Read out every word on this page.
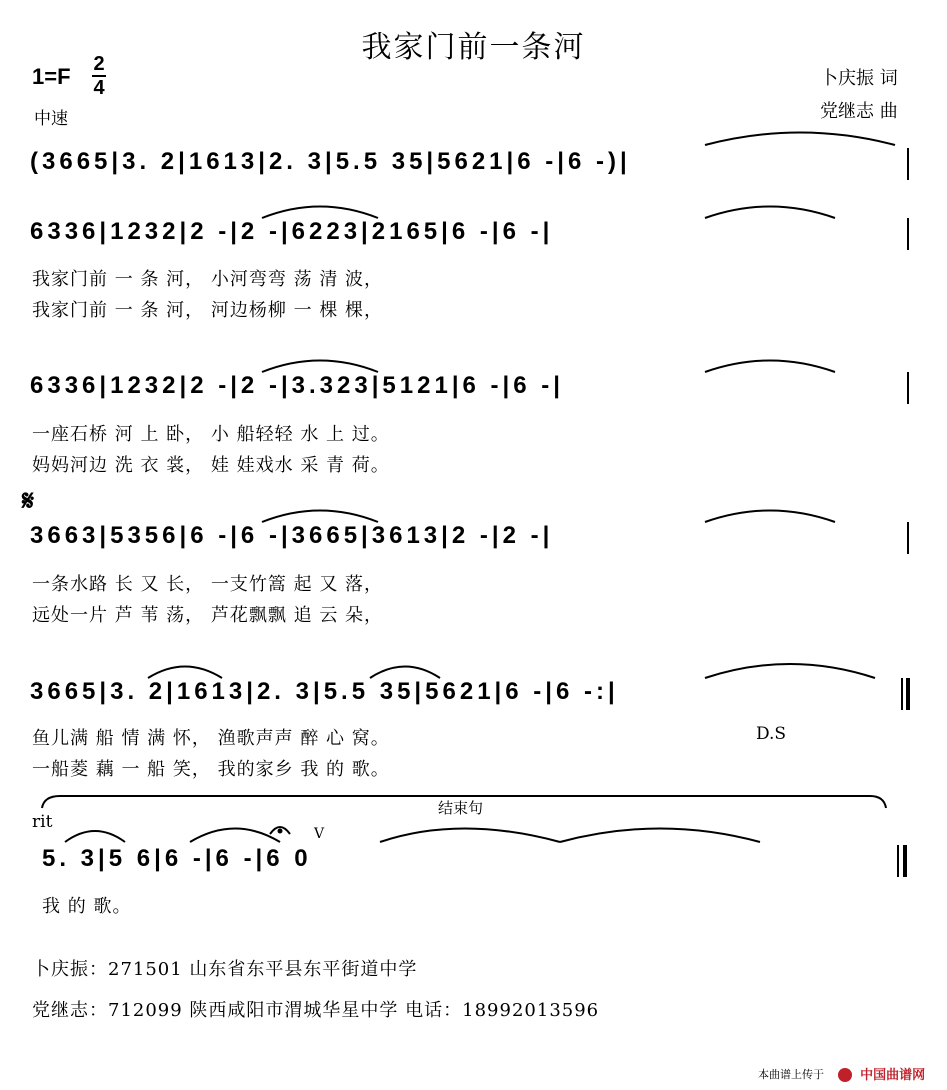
我家门前一条河
1=F 2
4
中速
卜庆振 词
党继志 曲
(3665|3. 2|1613|2. 3|5.5 35|5621|6 -|6 -)|
6336|1232|2 -|2 -|6223|2165|6 -|6 -|
我家门前 一 条 河， 小河弯弯 荡 清 波，
我家门前 一 条 河， 河边杨柳 一 棵 棵，
6336|1232|2 -|2 -|3.323|5121|6 -|6 -|
一座石桥 河 上 卧， 小 船轻轻 水 上 过。
妈妈河边 洗 衣 裳， 娃 娃戏水 采 青 荷。
𝄋
3663|5356|6 -|6 -|3665|3613|2 -|2 -|
一条水路 长 又 长， 一支竹篙 起 又 落，
远处一片 芦 苇 荡， 芦花飘飘 追 云 朵，
3665|3. 2|1613|2. 3|5.5 35|5621|6 -|6 -:|
鱼儿满 船 情 满 怀， 渔歌声声 醉 心 窝。	D.S
一船菱 藕 一 船 笑， 我的家乡 我 的 歌。
结束句
rit
V
5. 3|5 6|6 -|6 -|6 0
我 的 歌。
卜庆振：271501 山东省东平县东平街道中学
党继志：712099 陕西咸阳市渭城华星中学 电话：18992013596
本曲谱上传于	中国曲谱网
